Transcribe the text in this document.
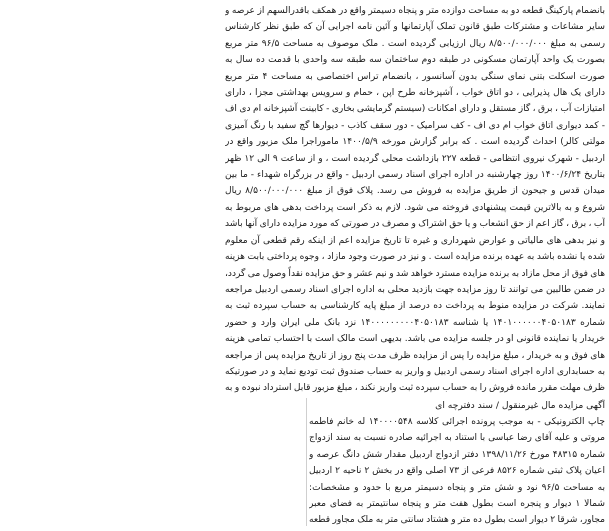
بانضمام پارکینگ قطعه دو به مساحت دوازده متر و پنجاه دسیمتر واقع در همکف باقدرالسهم از عرصه و سایر مشاعات و مشترکات طبق قانون تملک آپارتمانها و آئین نامه اجرایی آن که طبق نظر کارشناس رسمی به مبلغ ۸/۵۰۰/۰۰۰/۰۰۰ ریال ارزیابی گردیده است . ملک موصوف به مساحت ۹۶/۵ متر مربع بصورت یک واحد آپارتمان مسکونی در طبقه دوم ساختمان سه طبقه سه واحدی با قدمت ده سال به صورت اسکلت بتنی نمای سنگی بدون آسانسور ، بانضمام تراس اختصاصی به مساحت ۴ متر مربع دارای یک هال پذیرایی ، دو اتاق خواب ، آشپزخانه طرح اپن ، حمام و سرویس بهداشتی مجزا ، دارای امتیازات آب ، برق ، گاز مستقل و دارای امکانات (سیستم گرمایشی بخاری - کابینت آشپزخانه ام دی اف - کمد دیواری اتاق خواب ام دی اف - کف سرامیک - دور سقف کاذب - دیوارها گچ سفید با رنگ آمیزی مولتی کالر) احداث گردیده است . که برابر گزارش مورخه ۱۴۰۰/۵/۹ ماموراجرا ملک مزبور واقع در اردبیل - شهرک نیروی انتظامی - قطعه ۲۲۷ بازداشت محلی گردیده است ، و از ساعت ۹ الی ۱۲ ظهر بتاریخ ۱۴۰۰/۶/۲۴ روز چهارشنبه در اداره اجرای اسناد رسمی اردبیل - واقع در بزرگراه شهداء - ما بین میدان قدس و جیحون از طریق مزایده به فروش می رسد. پلاک فوق از مبلغ ۸/۵۰۰/۰۰۰/۰۰۰ ریال شروع و به بالاترین قیمت پیشنهادی فروخته می شود. لازم به ذکر است پرداخت بدهی های مربوط به آب ، برق ، گاز اعم از حق انشعاب و یا حق اشتراک و مصرف در صورتی که مورد مزایده دارای آنها باشد و نیز بدهی های مالیاتی و عوارض شهرداری و غیره تا تاریخ مزایده اعم از اینکه رقم قطعی آن معلوم شده یا نشده باشد به عهده برنده مزایده است . و نیز در صورت وجود مازاد ، وجوه پرداختی بابت هزینه های فوق از محل مازاد به برنده مزایده مسترد خواهد شد و نیم عشر و حق مزایده نقداً وصول می گردد، در ضمن طالبین می توانند تا روز مزایده جهت بازدید محلی به اداره اجرای اسناد رسمی اردبیل مراجعه نمایند. شرکت در مزایده منوط به پرداخت ده درصد از مبلغ پایه کارشناسی به حساب سپرده ثبت به شماره ۱۴۰۱۰۰۰۰۰۰۴۰۵۰۱۸۳ یا شناسه ۱۴۰۰۰۰۰۰۰۰۰۴۰۵۰۱۸۳ نزد بانک ملی ایران وارد و حضور خریدار یا نماینده قانونی او در جلسه مزایده می باشد. بدیهی است مالک است با احتساب تمامی هزینه های فوق و به خریدار ، مبلغ مزایده را پس از مزایده ظرف مدت پنج روز از تاریخ مزایده پس از مراجعه به حسابداری اداره اجرای اسناد رسمی اردبیل و واریز به حساب صندوق ثبت تودیع نماید و در صورتیکه ظرف مهلت مقرر مانده فروش را به حساب سپرده ثبت واریز نکند ، مبلغ مزبور قابل استرداد نبوده و به

آگهی مزایده مال غیرمنقول / سند دفترچه ای

چاپ الکترونیکی - به موجب پرونده اجرائی کلاسه ۱۴۰۰۰۰۵۴۸ له خانم فاطمه مروتی و علیه آقای رضا عباسی با استناد به اجرائیه صادره نسبت به سند ازدواج شماره ۴۸۳۱۵ مورخ ۱۳۹۸/۱۱/۲۶ دفتر ازدواج اردبیل مقدار شش دانگ عرصه و اعیان پلاک ثبتی شماره ۸۵۲۶ فرعی از ۷۳ اصلی واقع در بخش ۲ ناحیه ۲ اردبیل به مساحت ۹۶/۵ نود و شش متر و پنجاه دسیمتر مربع با حدود و مشخصات: شمالا ۱ دیوار و پنجره است بطول هفت متر و پنجاه سانتیمتر به فضای معبر مجاور، شرقا ۲ دیوار است بطول ده متر و هشتاد سانتی متر به ملک مجاور قطعه
